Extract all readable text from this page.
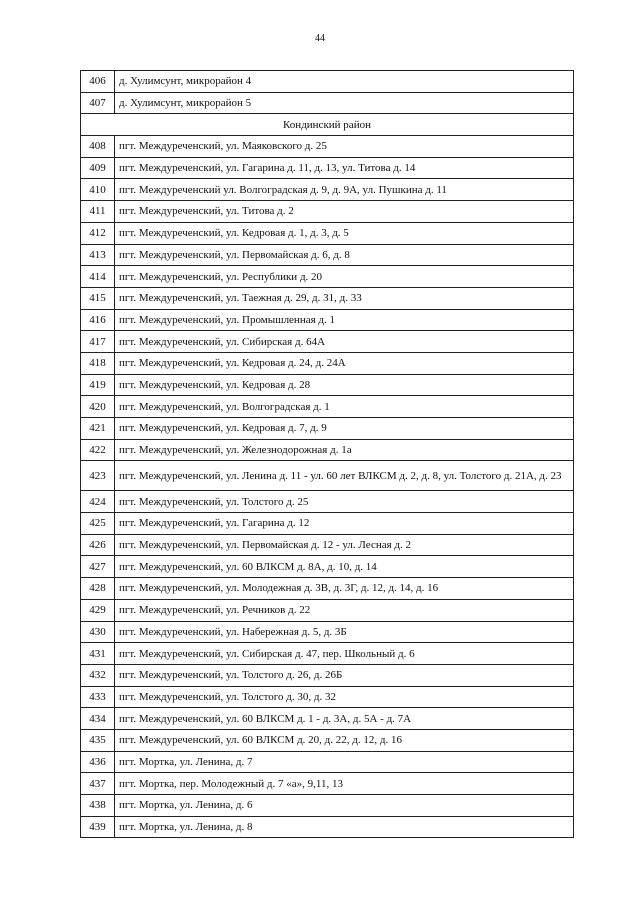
44
406	д. Хулимсунт, микрорайон 4
407	д. Хулимсунт, микрорайон 5
Кондинский район	
408	пгт. Междуреченский, ул. Маяковского д. 25
409	пгт. Междуреченский, ул. Гагарина д. 11, д. 13, ул. Титова д. 14
410	пгт. Междуреченский ул. Волгоградская д. 9, д. 9А, ул. Пушкина д. 11
411	пгт. Междуреченский, ул. Титова д. 2
412	пгт. Междуреченский, ул. Кедровая д. 1, д. 3, д. 5
413	пгт. Междуреченский, ул. Первомайская д. 6, д. 8
414	пгт. Междуреченский, ул. Республики д. 20
415	пгт. Междуреченский, ул. Таежная д. 29, д. 31, д. 33
416	пгт. Междуреченский, ул. Промышленная д. 1
417	пгт. Междуреченский, ул. Сибирская д. 64А
418	пгт. Междуреченский, ул. Кедровая д. 24, д. 24А
419	пгт. Междуреченский, ул. Кедровая д. 28
420	пгт. Междуреченский, ул. Волгоградская д. 1
421	пгт. Междуреченский, ул. Кедровая д. 7, д. 9
422	пгт. Междуреченский, ул. Железнодорожная д. 1а
423	пгт. Междуреченский, ул. Ленина д. 11 - ул. 60 лет ВЛКСМ д. 2, д. 8, ул. Толстого д. 21А, д. 23
424	пгт. Междуреченский, ул. Толстого д. 25
425	пгт. Междуреченский, ул. Гагарина д. 12
426	пгт. Междуреченский, ул. Первомайская д. 12 - ул. Лесная д. 2
427	пгт. Междуреченский, ул. 60 ВЛКСМ д. 8А, д. 10, д. 14
428	пгт. Междуреченский, ул. Молодежная д. 3В, д. 3Г, д. 12, д. 14, д. 16
429	пгт. Междуреченский, ул. Речников д. 22
430	пгт. Междуреченский, ул. Набережная д. 5, д. 3Б
431	пгт. Междуреченский, ул. Сибирская д. 47, пер. Школьный д. 6
432	пгт. Междуреченский, ул. Толстого д. 26, д. 26Б
433	пгт. Междуреченский, ул. Толстого д. 30, д. 32
434	пгт. Междуреченский, ул. 60 ВЛКСМ д. 1 - д. 3А, д. 5А - д. 7А
435	пгт. Междуреченский, ул. 60 ВЛКСМ д. 20, д. 22, д. 12, д. 16
436	пгт. Мортка, ул. Ленина, д. 7
437	пгт. Мортка, пер. Молодежный д. 7 «а», 9,11, 13
438	пгт. Мортка, ул. Ленина, д. 6
439	пгт. Мортка, ул. Ленина, д. 8
